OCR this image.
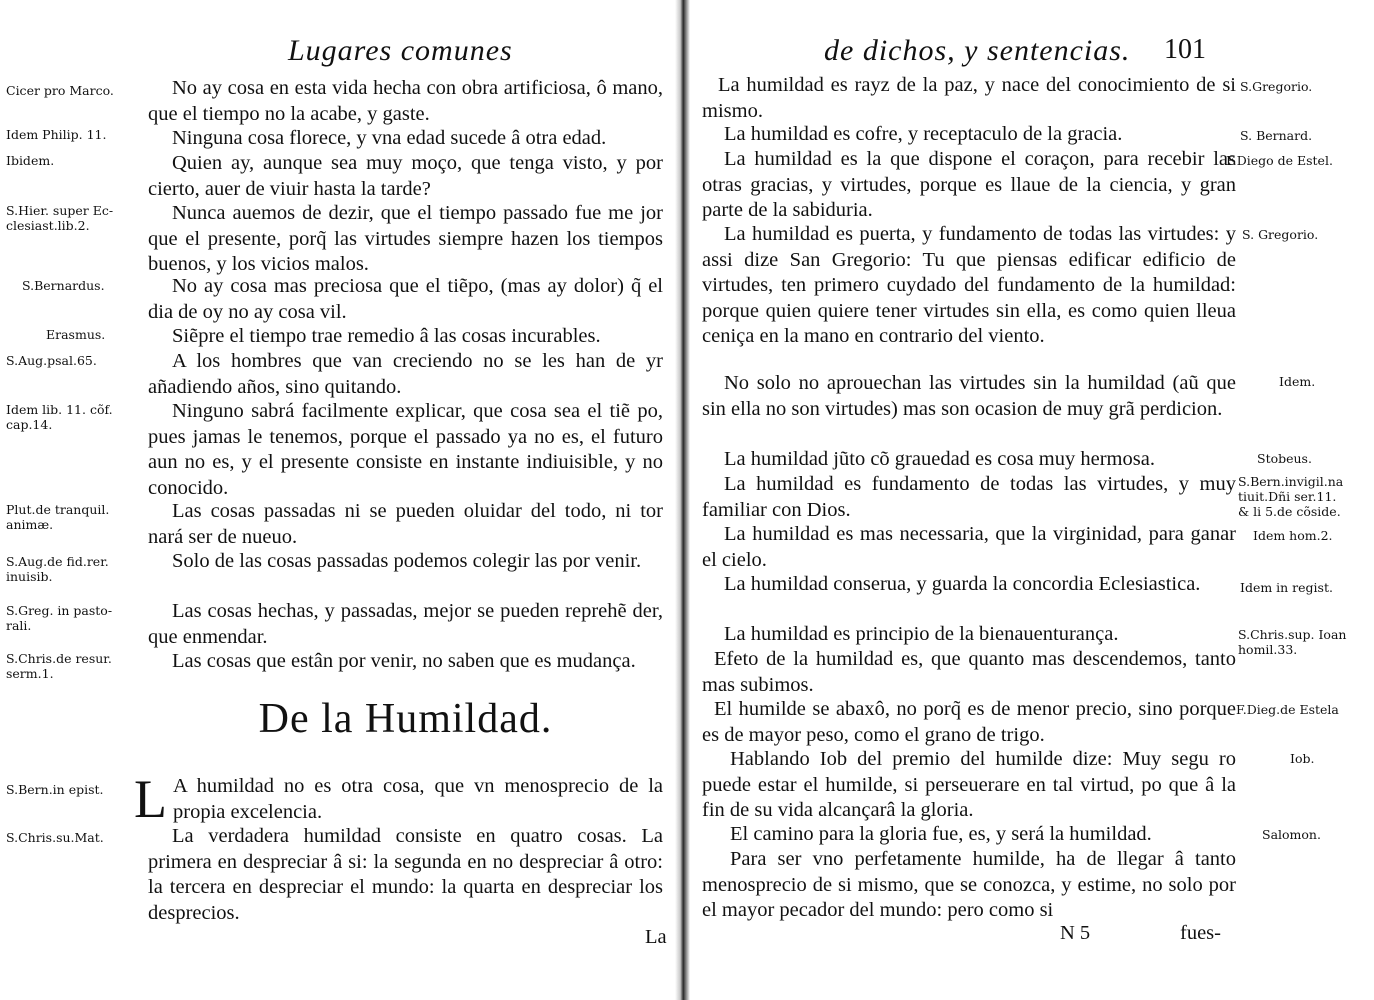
Lugares comunes
Cicer pro Marco.	No ay cosa en esta vida hecha con obra artificiosa, ô mano, que el tiempo no la acabe, y gaste.
Idem Philip. 11.	Ninguna cosa florece, y vna edad sucede â otra edad.
Ibidem.	Quien ay, aunque sea muy moço, que tenga visto, y por cierto, auer de viuir hasta la tarde?
S.Hier. super Ec-
clesiast.lib.2.
Nunca auemos de dezir, que el tiempo passado fue me jor que el presente, porq̃ las virtudes siempre hazen los tiempos buenos, y los vicios malos.
S.Bernardus.	No ay cosa mas preciosa que el tiẽpo, (mas ay dolor) q̃ el dia de oy no ay cosa vil.
Erasmus.	Siẽpre el tiempo trae remedio â las cosas incurables.
S.Aug.psal.65.	A los hombres que van creciendo no se les han de yr añadiendo años, sino quitando.
Idem lib. 11. cõf.
cap.14.
Ninguno sabrá facilmente explicar, que cosa sea el tiẽ po, pues jamas le tenemos, porque el passado ya no es, el futuro aun no es, y el presente consiste en instante indiuisible, y no conocido.
Plut.de tranquil.
animæ.
Las cosas passadas ni se pueden oluidar del todo, ni tor nará ser de nueuo.
S.Aug.de fid.rer.
inuisib.
Solo de las cosas passadas podemos colegir las por venir.
S.Greg. in pasto-
rali.
Las cosas hechas, y passadas, mejor se pueden reprehẽ der, que enmendar.
S.Chris.de resur.
serm.1.
Las cosas que estân por venir, no saben que es mudança.
De la Humildad.
S.Bern.in epist. L A humildad no es otra cosa, que vn menosprecio de la propia excelencia.
S.Chris.su.Mat.	La verdadera humildad consiste en quatro cosas. La primera en despreciar â si: la segunda en no despreciar â otro: la tercera en despreciar el mundo: la quarta en despreciar los desprecios.
La
de dichos, y sentencias. 101
S.Gregorio.
La humildad es rayz de la paz, y nace del conocimiento de si mismo.
S. Bernard.
La humildad es cofre, y receptaculo de la gracia.
F.Diego de Estel.
La humildad es la que dispone el coraçon, para recebir las otras gracias, y virtudes, porque es llaue de la ciencia, y gran parte de la sabiduria.
S. Gregorio.
La humildad es puerta, y fundamento de todas las virtudes: y assi dize San Gregorio: Tu que piensas edificar edificio de virtudes, ten primero cuydado del fundamento de la humildad: porque quien quiere tener virtudes sin ella, es como quien lleua ceniça en la mano en contrario del viento.
Idem.
No solo no aprouechan las virtudes sin la humildad (aũ que sin ella no son virtudes) mas son ocasion de muy grã perdicion.
Stobeus.
La humildad jũto cõ grauedad es cosa muy hermosa.
S.Bern.invigil.na
tiuit.Dñi ser.11.
& li 5.de cõside.
La humildad es fundamento de todas las virtudes, y muy familiar con Dios.
Idem hom.2.
La humildad es mas necessaria, que la virginidad, para ganar el cielo.
Idem in regist.
La humildad conserua, y guarda la concordia Eclesiastica.
S.Chris.sup. Ioan
homil.33.
La humildad es principio de la bienauenturança.
Efeto de la humildad es, que quanto mas descendemos, tanto mas subimos.
F.Dieg.de Estela
El humilde se abaxô, no porq̃ es de menor precio, sino porque es de mayor peso, como el grano de trigo.
Iob.
Hablando Iob del premio del humilde dize: Muy segu ro puede estar el humilde, si perseuerare en tal virtud, po que â la fin de su vida alcançarâ la gloria.
Salomon.
El camino para la gloria fue, es, y será la humildad.
Para ser vno perfetamente humilde, ha de llegar â tanto menosprecio de si mismo, que se conozca, y estime, no solo por el mayor pecador del mundo: pero como si
N 5	fues-
